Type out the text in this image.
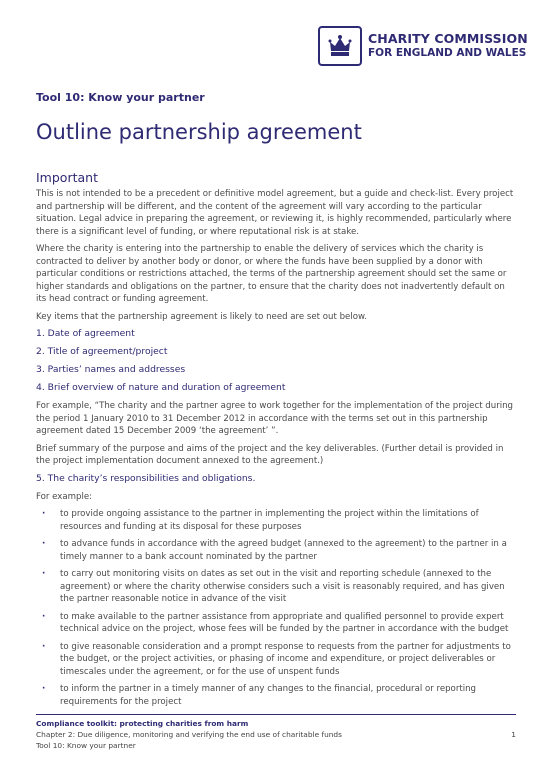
CHARITY COMMISSION
FOR ENGLAND AND WALES
Tool 10: Know your partner
Outline partnership agreement
Important

This is not intended to be a precedent or definitive model agreement, but a guide and check-list. Every project and partnership will be different, and the content of the agreement will vary according to the particular situation. Legal advice in preparing the agreement, or reviewing it, is highly recommended, particularly where there is a significant level of funding, or where reputational risk is at stake.

Where the charity is entering into the partnership to enable the delivery of services which the charity is contracted to deliver by another body or donor, or where the funds have been supplied by a donor with particular conditions or restrictions attached, the terms of the partnership agreement should set the same or higher standards and obligations on the partner, to ensure that the charity does not inadvertently default on its head contract or funding agreement.

Key items that the partnership agreement is likely to need are set out below.

1. Date of agreement
2. Title of agreement/project
3. Parties’ names and addresses
4. Brief overview of nature and duration of agreement

For example, “The charity and the partner agree to work together for the implementation of the project during the period 1 January 2010 to 31 December 2012 in accordance with the terms set out in this partnership agreement dated 15 December 2009 ‘the agreement’ ”.

Brief summary of the purpose and aims of the project and the key deliverables. (Further detail is provided in the project implementation document annexed to the agreement.)

5. The charity’s responsibilities and obligations.

For example:

· to provide ongoing assistance to the partner in implementing the project within the limitations of resources and funding at its disposal for these purposes
· to advance funds in accordance with the agreed budget (annexed to the agreement) to the partner in a timely manner to a bank account nominated by the partner
· to carry out monitoring visits on dates as set out in the visit and reporting schedule (annexed to the agreement) or where the charity otherwise considers such a visit is reasonably required, and has given the partner reasonable notice in advance of the visit
· to make available to the partner assistance from appropriate and qualified personnel to provide expert technical advice on the project, whose fees will be funded by the partner in accordance with the budget
· to give reasonable consideration and a prompt response to requests from the partner for adjustments to the budget, or the project activities, or phasing of income and expenditure, or project deliverables or timescales under the agreement, or for the use of unspent funds
· to inform the partner in a timely manner of any changes to the financial, procedural or reporting requirements for the project
Compliance toolkit: protecting charities from harm
Chapter 2: Due diligence, monitoring and verifying the end use of charitable funds	1
Tool 10: Know your partner
